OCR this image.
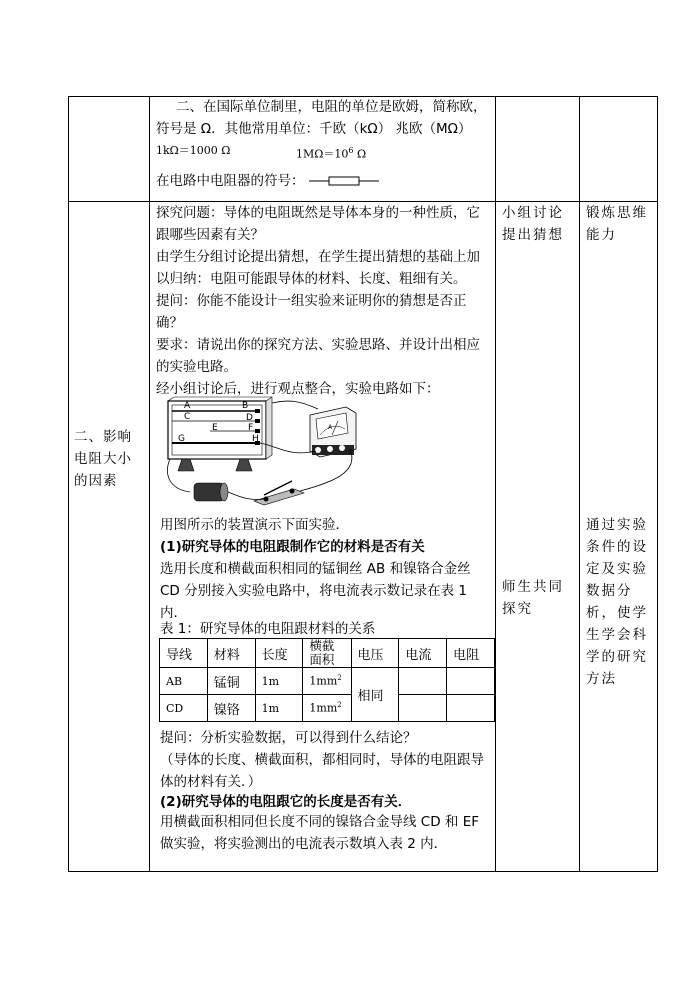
二、在国际单位制里，电阻的单位是欧姆，简称欧，
符号是 Ω．其他常用单位：千欧（kΩ） 兆欧（MΩ）
1kΩ＝1000 Ω	$1M\Omega=10^6$ Ω
在电路中电阻器的符号：
二、影响电阻大小的因素
探究问题：导体的电阻既然是导体本身的一种性质，它跟哪些因素有关？
由学生分组讨论提出猜想，在学生提出猜想的基础上加以归纳：电阻可能跟导体的材料、长度、粗细有关。
提问：你能不能设计一组实验来证明你的猜想是否正确？
要求：请说出你的探究方法、实验思路、并设计出相应的实验电路。
经小组讨论后，进行观点整合，实验电路如下：
A	B
C	D
E	F
G	H
A
用图所示的装置演示下面实验．
(1)研究导体的电阻跟制作它的材料是否有关
选用长度和横截面积相同的锰铜丝 AB 和镍铬合金丝 CD 分别接入实验电路中，将电流表示数记录在表 1 内．
表 1：研究导体的电阻跟材料的关系
导线	材料	长度	横截面积	电压	电流	电阻
AB	锰铜	1m	$1mm^2$	相同		
CD	镍铬	1m	$1mm^2$		
提问：分析实验数据，可以得到什么结论？
（导体的长度、横截面积，都相同时，导体的电阻跟导体的材料有关．）
(2)研究导体的电阻跟它的长度是否有关．
用横截面积相同但长度不同的镍铬合金导线 CD 和 EF 做实验，将实验测出的电流表示数填入表 2 内．
小组讨论提出猜想
师生共同探究
锻炼思维能力
通过实验条件的设定及实验数据分析，使学生学会科学的研究方法
